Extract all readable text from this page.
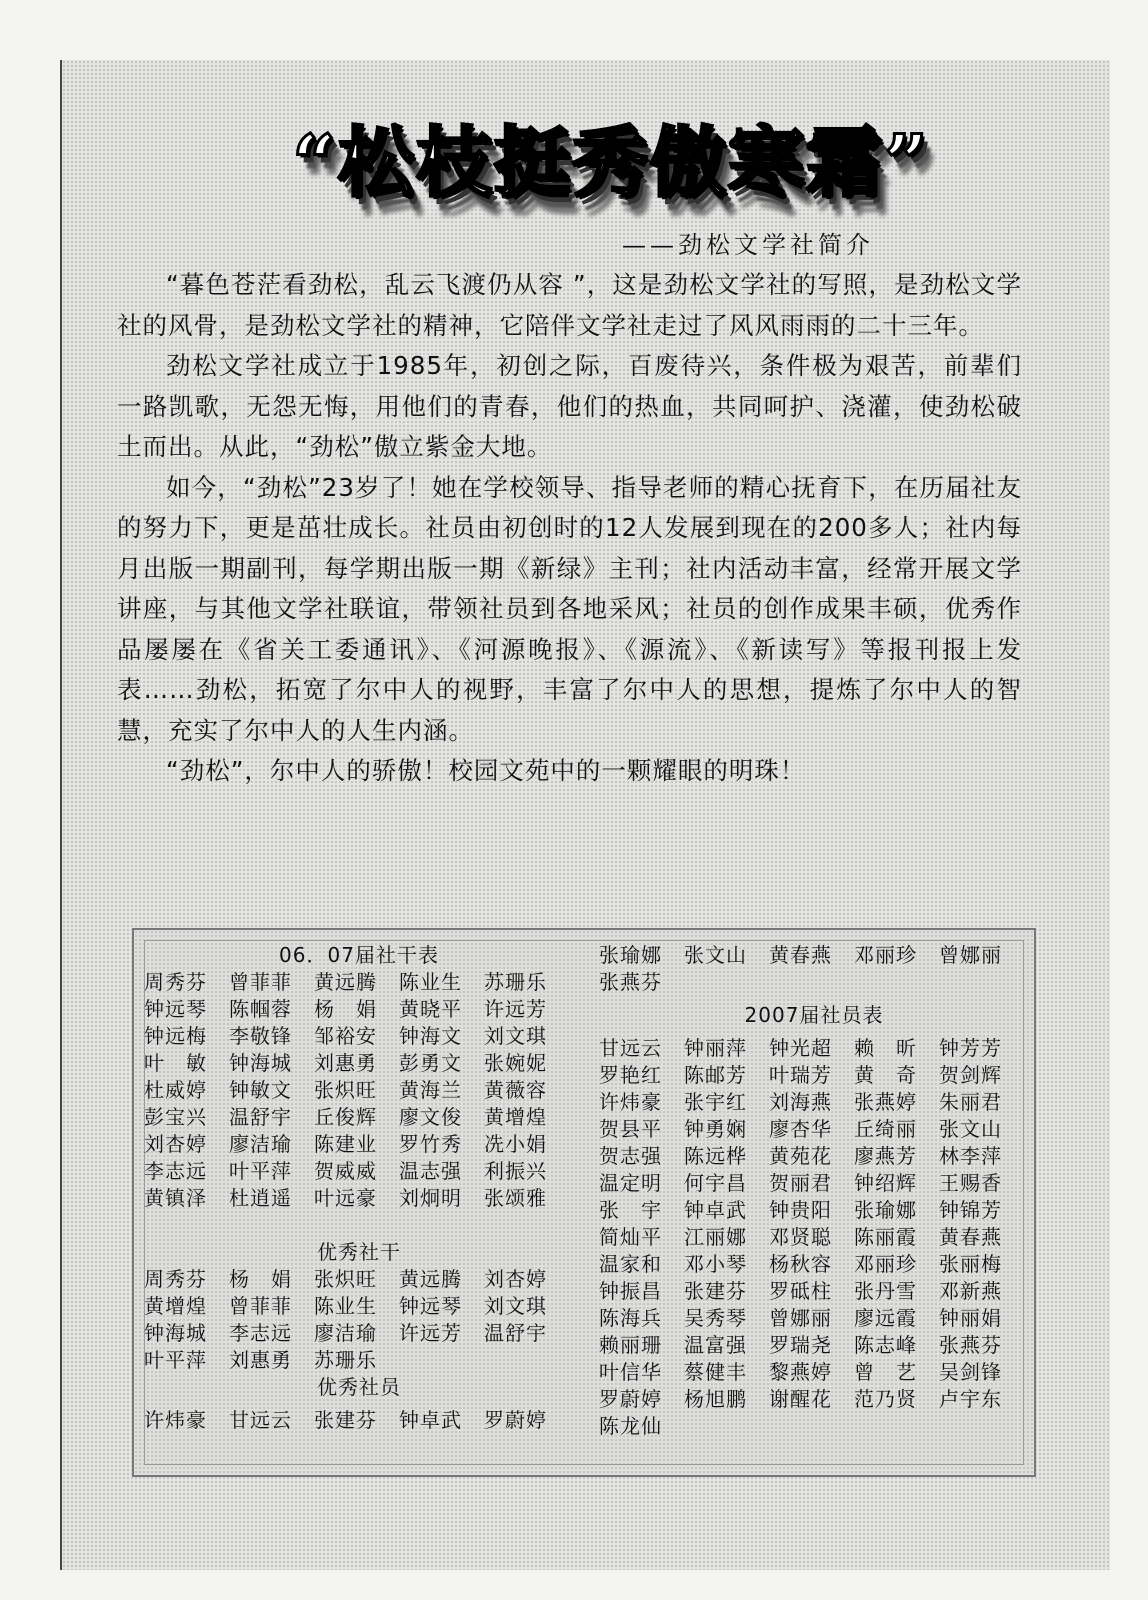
“松枝挺秀傲寒霜”
——劲松文学社简介

“暮色苍茫看劲松，乱云飞渡仍从容 ”，这是劲松文学社的写照，是劲松文学社的风骨，是劲松文学社的精神，它陪伴文学社走过了风风雨雨的二十三年。

劲松文学社成立于1985年，初创之际，百废待兴，条件极为艰苦，前辈们一路凯歌，无怨无悔，用他们的青春，他们的热血，共同呵护、浇灌，使劲松破土而出。从此，“劲松”傲立紫金大地。

如今，“劲松”23岁了！她在学校领导、指导老师的精心抚育下，在历届社友的努力下，更是茁壮成长。社员由初创时的12人发展到现在的200多人；社内每月出版一期副刊，每学期出版一期《新绿》主刊；社内活动丰富，经常开展文学讲座，与其他文学社联谊，带领社员到各地采风；社员的创作成果丰硕，优秀作品屡屡在《省关工委通讯》、《河源晚报》、《源流》、《新读写》等报刊报上发表……劲松，拓宽了尔中人的视野，丰富了尔中人的思想，提炼了尔中人的智慧，充实了尔中人的人生内涵。

“劲松”，尔中人的骄傲！校园文苑中的一颗耀眼的明珠！

06．07届社干表
周秀芬	曾菲菲	黄远腾	陈业生	苏珊乐
钟远琴	陈帼蓉	杨　娟	黄晓平	许远芳
钟远梅	李敬锋	邹裕安	钟海文	刘文琪
叶　敏	钟海城	刘惠勇	彭勇文	张婉妮
杜威婷	钟敏文	张炽旺	黄海兰	黄薇容
彭宝兴	温舒宇	丘俊辉	廖文俊	黄增煌
刘杏婷	廖洁瑜	陈建业	罗竹秀	冼小娟
李志远	叶平萍	贺威威	温志强	利振兴
黄镇泽	杜逍遥	叶远豪	刘炯明	张颂雅
优秀社干
周秀芬	杨　娟	张炽旺	黄远腾	刘杏婷
黄增煌	曾菲菲	陈业生	钟远琴	刘文琪
钟海城	李志远	廖洁瑜	许远芳	温舒宇
叶平萍	刘惠勇	苏珊乐
优秀社员
许炜豪	甘远云	张建芬	钟卓武	罗蔚婷
张瑜娜	张文山	黄春燕	邓丽珍	曾娜丽
张燕芬
2007届社员表
甘远云	钟丽萍	钟光超	赖　昕	钟芳芳
罗艳红	陈邮芳	叶瑞芳	黄　奇	贺剑辉
许炜豪	张宇红	刘海燕	张燕婷	朱丽君
贺县平	钟勇娴	廖杏华	丘绮丽	张文山
贺志强	陈远桦	黄苑花	廖燕芳	林李萍
温定明	何宇昌	贺丽君	钟绍辉	王赐香
张　宇	钟卓武	钟贵阳	张瑜娜	钟锦芳
简灿平	江丽娜	邓贤聪	陈丽霞	黄春燕
温家和	邓小琴	杨秋容	邓丽珍	张丽梅
钟振昌	张建芬	罗砥柱	张丹雪	邓新燕
陈海兵	吴秀琴	曾娜丽	廖远霞	钟丽娟
赖丽珊	温富强	罗瑞尧	陈志峰	张燕芬
叶信华	蔡健丰	黎燕婷	曾　艺	吴剑锋
罗蔚婷	杨旭鹏	谢醒花	范乃贤	卢宇东
陈龙仙
